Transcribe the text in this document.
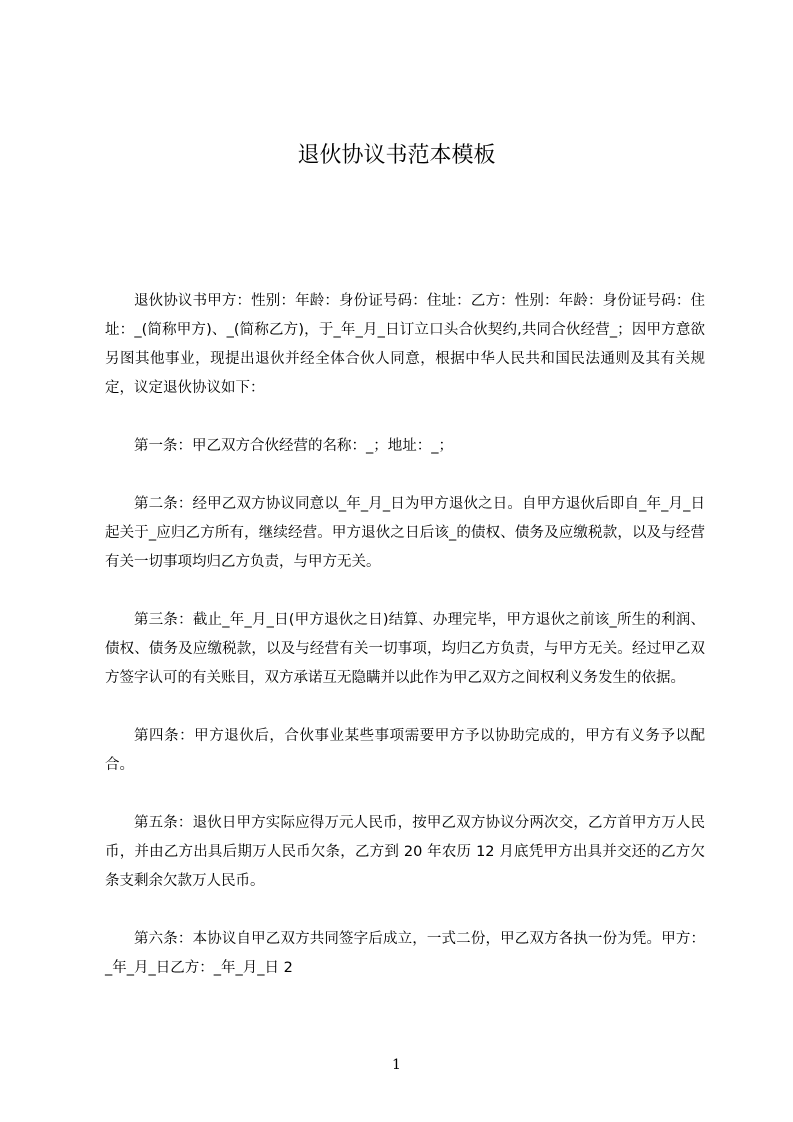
退伙协议书范本模板

退伙协议书甲方：性别：年龄：身份证号码：住址：乙方：性别：年龄：身份证号码：住址：_(简称甲方)、_(简称乙方)，于_年_月_日订立口头合伙契约,共同合伙经营_；因甲方意欲另图其他事业，现提出退伙并经全体合伙人同意，根据中华人民共和国民法通则及其有关规定，议定退伙协议如下：

第一条：甲乙双方合伙经营的名称：_；地址：_；

第二条：经甲乙双方协议同意以_年_月_日为甲方退伙之日。自甲方退伙后即自_年_月_日起关于_应归乙方所有，继续经营。甲方退伙之日后该_的债权、债务及应缴税款，以及与经营有关一切事项均归乙方负责，与甲方无关。

第三条：截止_年_月_日(甲方退伙之日)结算、办理完毕，甲方退伙之前该_所生的利润、债权、债务及应缴税款，以及与经营有关一切事项，均归乙方负责，与甲方无关。经过甲乙双方签字认可的有关账目，双方承诺互无隐瞒并以此作为甲乙双方之间权利义务发生的依据。

第四条：甲方退伙后，合伙事业某些事项需要甲方予以协助完成的，甲方有义务予以配合。

第五条：退伙日甲方实际应得万元人民币，按甲乙双方协议分两次交，乙方首甲方万人民币，并由乙方出具后期万人民币欠条，乙方到 20 年农历 12 月底凭甲方出具并交还的乙方欠条支剩余欠款万人民币。

第六条：本协议自甲乙双方共同签字后成立，一式二份，甲乙双方各执一份为凭。甲方：_年_月_日乙方：_年_月_日 2

1
